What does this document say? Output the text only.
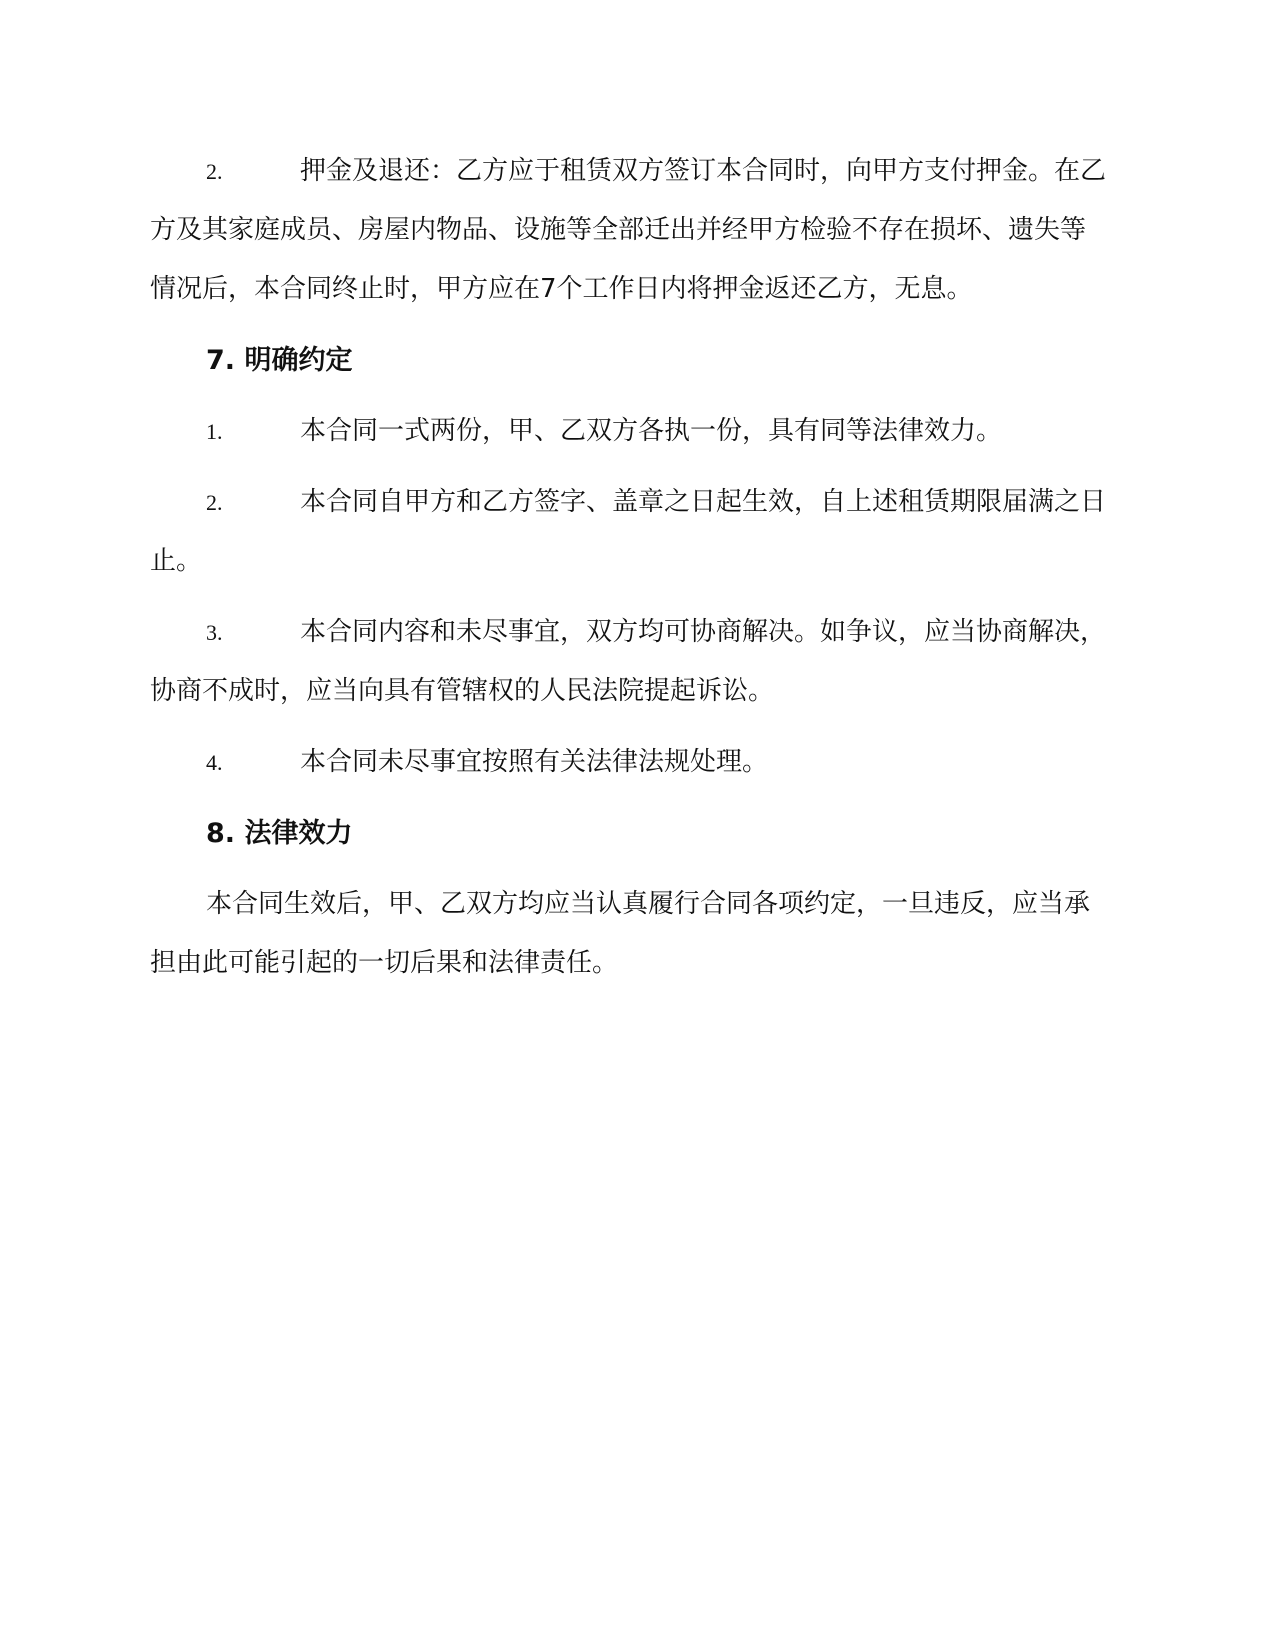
2.	押金及退还：乙方应于租赁双方签订本合同时，向甲方支付押金。在乙方及其家庭成员、房屋内物品、设施等全部迁出并经甲方检验不存在损坏、遗失等情况后，本合同终止时，甲方应在7个工作日内将押金返还乙方，无息。

7. 明确约定

1.	本合同一式两份，甲、乙双方各执一份，具有同等法律效力。

2.	本合同自甲方和乙方签字、盖章之日起生效，自上述租赁期限届满之日止。

3.	本合同内容和未尽事宜，双方均可协商解决。如争议，应当协商解决，协商不成时，应当向具有管辖权的人民法院提起诉讼。

4.	本合同未尽事宜按照有关法律法规处理。

8. 法律效力

本合同生效后，甲、乙双方均应当认真履行合同各项约定，一旦违反，应当承担由此可能引起的一切后果和法律责任。
